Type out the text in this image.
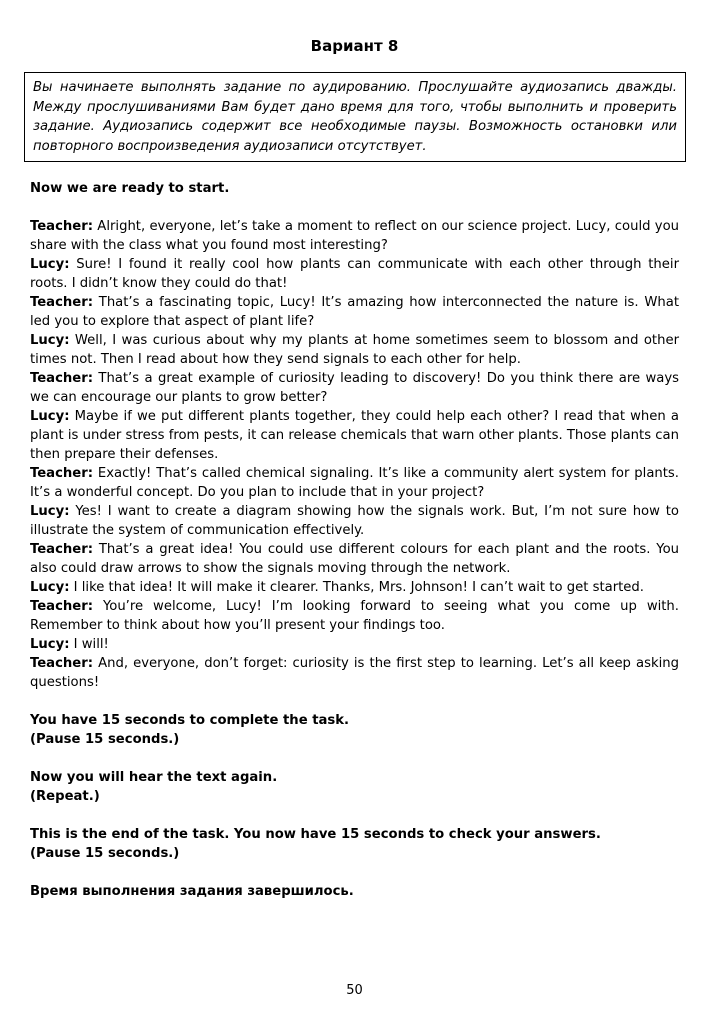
Вариант 8

Вы начинаете выполнять задание по аудированию. Прослушайте аудиозапись дважды. Между прослушиваниями Вам будет дано время для того, чтобы выполнить и проверить задание. Аудиозапись содержит все необходимые паузы. Возможность остановки или повторного воспроизведения аудиозаписи отсутствует.

Now we are ready to start.

Teacher: Alright, everyone, let’s take a moment to reflect on our science project. Lucy, could you share with the class what you found most interesting?

Lucy: Sure! I found it really cool how plants can communicate with each other through their roots. I didn’t know they could do that!

Teacher: That’s a fascinating topic, Lucy! It’s amazing how interconnected the nature is. What led you to explore that aspect of plant life?

Lucy: Well, I was curious about why my plants at home sometimes seem to blossom and other times not. Then I read about how they send signals to each other for help.

Teacher: That’s a great example of curiosity leading to discovery! Do you think there are ways we can encourage our plants to grow better?

Lucy: Maybe if we put different plants together, they could help each other? I read that when a plant is under stress from pests, it can release chemicals that warn other plants. Those plants can then prepare their defenses.

Teacher: Exactly! That’s called chemical signaling. It’s like a community alert system for plants. It’s a wonderful concept. Do you plan to include that in your project?

Lucy: Yes! I want to create a diagram showing how the signals work. But, I’m not sure how to illustrate the system of communication effectively.

Teacher: That’s a great idea! You could use different colours for each plant and the roots. You also could draw arrows to show the signals moving through the network.

Lucy: I like that idea! It will make it clearer. Thanks, Mrs. Johnson! I can’t wait to get started.

Teacher: You’re welcome, Lucy! I’m looking forward to seeing what you come up with. Remember to think about how you’ll present your findings too.

Lucy: I will!

Teacher: And, everyone, don’t forget: curiosity is the first step to learning. Let’s all keep asking questions!

You have 15 seconds to complete the task.

(Pause 15 seconds.)

Now you will hear the text again.

(Repeat.)

This is the end of the task. You now have 15 seconds to check your answers.

(Pause 15 seconds.)

Время выполнения задания завершилось.

50
